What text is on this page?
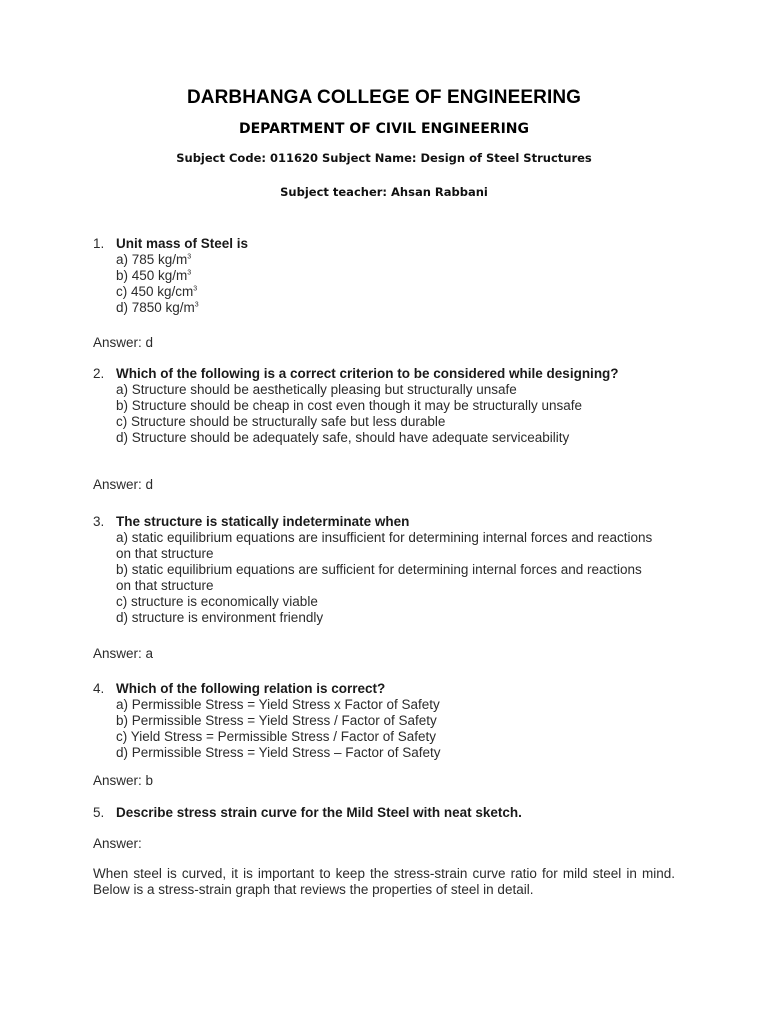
DARBHANGA COLLEGE OF ENGINEERING
DEPARTMENT OF CIVIL ENGINEERING
Subject Code: 011620 Subject Name: Design of Steel Structures
Subject teacher: Ahsan Rabbani
1. Unit mass of Steel is
a) 785 $kg/m^3$
b) 450 $kg/m^3$
c) 450 $kg/cm^3$
d) 7850 $kg/m^3$
Answer: d
2. Which of the following is a correct criterion to be considered while designing?
a) Structure should be aesthetically pleasing but structurally unsafe
b) Structure should be cheap in cost even though it may be structurally unsafe
c) Structure should be structurally safe but less durable
d) Structure should be adequately safe, should have adequate serviceability
Answer: d
3. The structure is statically indeterminate when
a) static equilibrium equations are insufficient for determining internal forces and reactions on that structure
b) static equilibrium equations are sufficient for determining internal forces and reactions on that structure
c) structure is economically viable
d) structure is environment friendly
Answer: a
4. Which of the following relation is correct?
a) Permissible Stress = Yield Stress x Factor of Safety
b) Permissible Stress = Yield Stress / Factor of Safety
c) Yield Stress = Permissible Stress / Factor of Safety
d) Permissible Stress = Yield Stress – Factor of Safety
Answer: b
5. Describe stress strain curve for the Mild Steel with neat sketch.
Answer:
When steel is curved, it is important to keep the stress-strain curve ratio for mild steel in mind. Below is a stress-strain graph that reviews the properties of steel in detail.
